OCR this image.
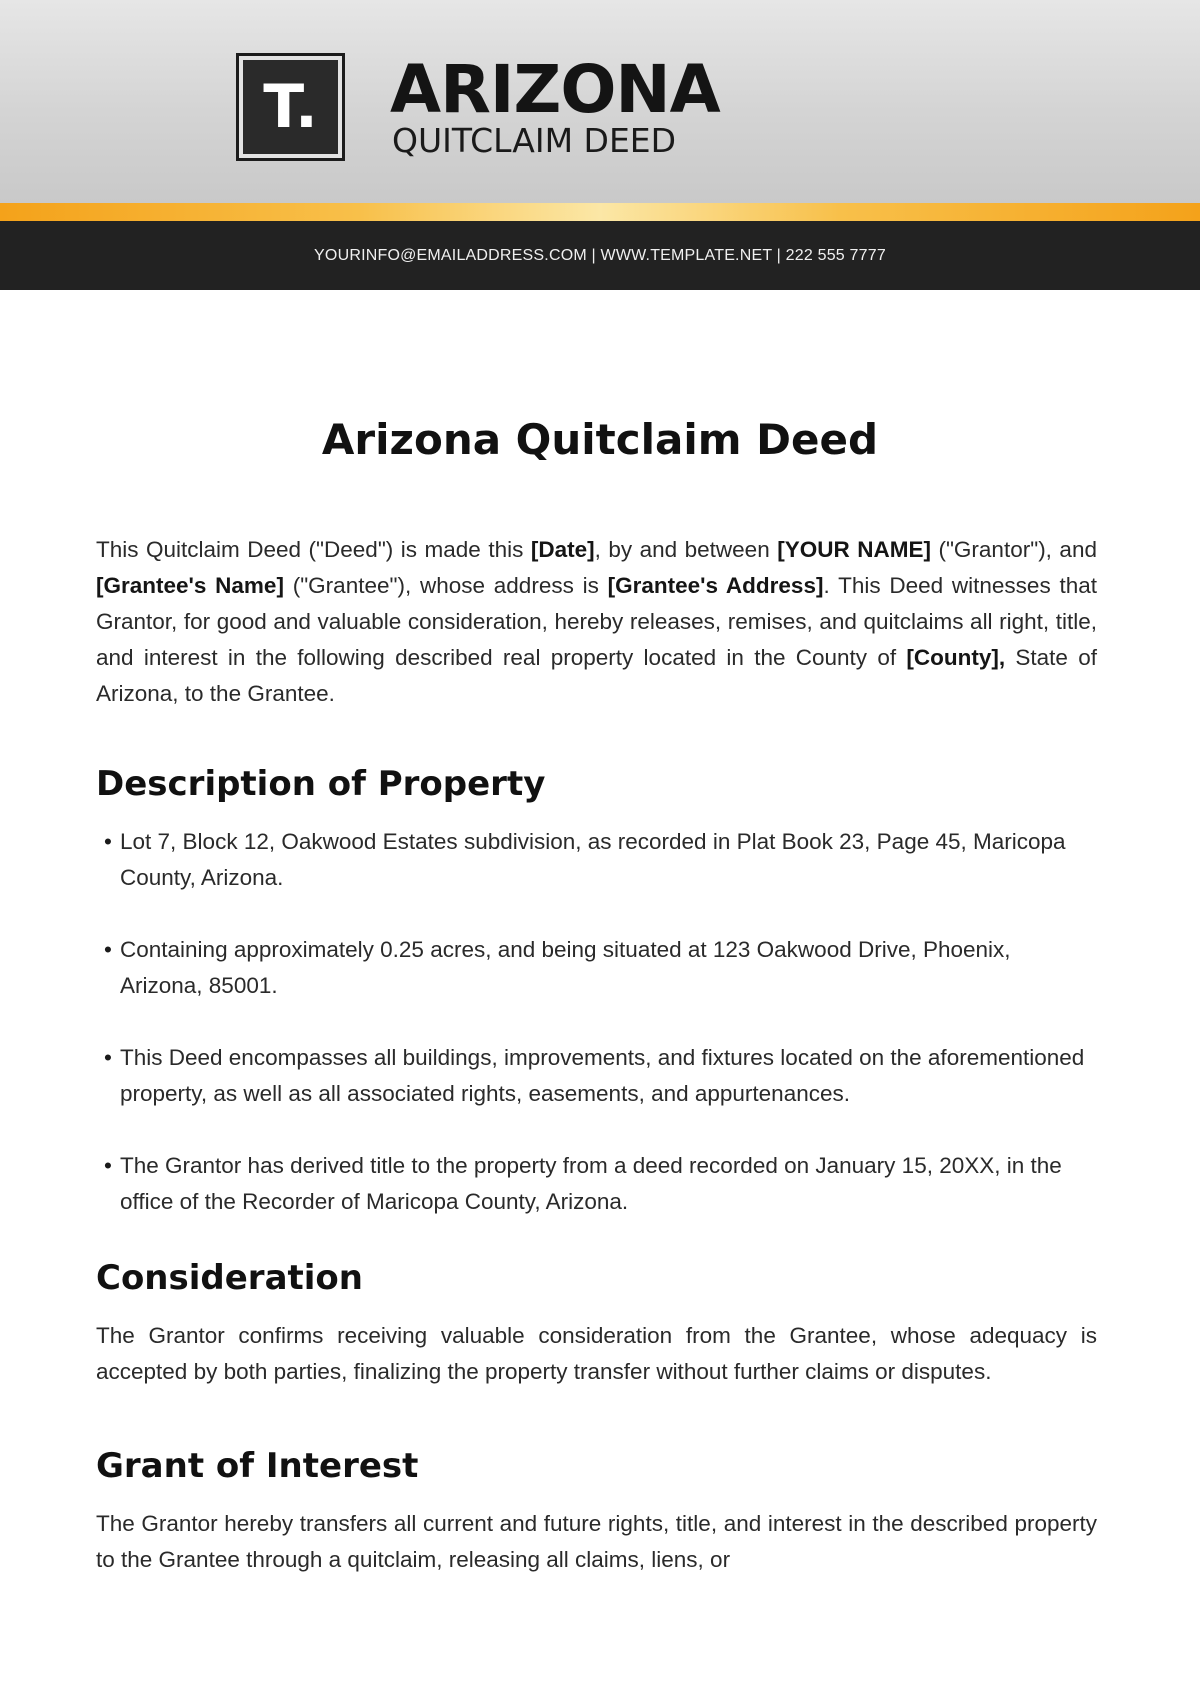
T.	ARIZONA
QUITCLAIM DEED
YOURINFO@EMAILADDRESS.COM | WWW.TEMPLATE.NET | 222 555 7777
Arizona Quitclaim Deed

This Quitclaim Deed ("Deed") is made this [Date], by and between [YOUR NAME] ("Grantor"), and [Grantee's Name] ("Grantee"), whose address is [Grantee's Address]. This Deed witnesses that Grantor, for good and valuable consideration, hereby releases, remises, and quitclaims all right, title, and interest in the following described real property located in the County of [County], State of Arizona, to the Grantee.

Description of Property
• Lot 7, Block 12, Oakwood Estates subdivision, as recorded in Plat Book 23, Page 45, Maricopa County, Arizona.
• Containing approximately 0.25 acres, and being situated at 123 Oakwood Drive, Phoenix, Arizona, 85001.
• This Deed encompasses all buildings, improvements, and fixtures located on the aforementioned property, as well as all associated rights, easements, and appurtenances.
• The Grantor has derived title to the property from a deed recorded on January 15, 20XX, in the office of the Recorder of Maricopa County, Arizona.
Consideration

The Grantor confirms receiving valuable consideration from the Grantee, whose adequacy is accepted by both parties, finalizing the property transfer without further claims or disputes.

Grant of Interest

The Grantor hereby transfers all current and future rights, title, and interest in the described property to the Grantee through a quitclaim, releasing all claims, liens, or
